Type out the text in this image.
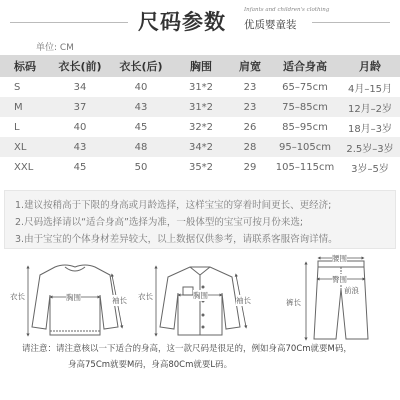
尺码参数	Infants and children's clothing
优质婴童装
单位: CM
标码	衣长(前)	衣长(后)	胸围	肩宽	适合身高	月龄
S	34	40	31*2	23	65–75cm	4月–15月
M	37	43	31*2	23	75–85cm	12月–2岁
L	40	45	32*2	26	85–95cm	18月–3岁
XL	43	48	34*2	28	95–105cm	2.5岁–3岁
XXL	45	50	35*2	29	105–115cm	3岁–5岁
1.建议按稍高于下限的身高或月龄选择，这样宝宝的穿着时间更长、更经济;
2.尺码选择请以“适合身高”选择为准，一般体型的宝宝可按月份来选;
3.由于宝宝的个体身材差异较大，以上数据仅供参考，请联系客服咨询详情。
胸围
衣长	袖长
胸围
衣长	袖长
腰围
臀围
前浪
裤长
请注意：请注意核以一下适合的身高，这一款尺码是很足的，例如身高70Cm就要M码，
身高75Cm就要M码，身高80Cm就要L码。
